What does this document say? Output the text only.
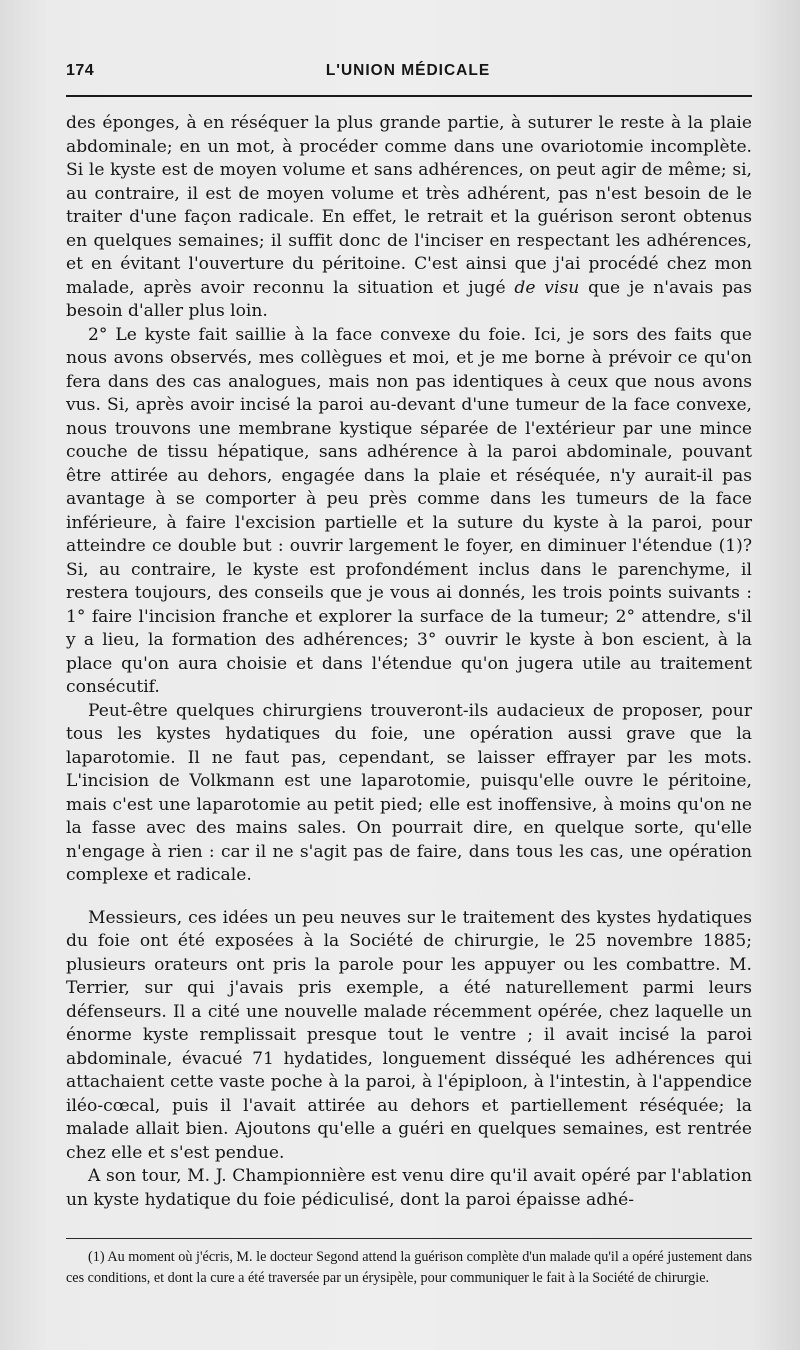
174	L'UNION MÉDICALE

des éponges, à en réséquer la plus grande partie, à suturer le reste à la plaie abdominale; en un mot, à procéder comme dans une ovariotomie incomplète. Si le kyste est de moyen volume et sans adhérences, on peut agir de même; si, au contraire, il est de moyen volume et très adhérent, pas n'est besoin de le traiter d'une façon radicale. En effet, le retrait et la guérison seront obtenus en quelques semaines; il suffit donc de l'inciser en respectant les adhérences, et en évitant l'ouverture du péritoine. C'est ainsi que j'ai procédé chez mon malade, après avoir reconnu la situation et jugé de visu que je n'avais pas besoin d'aller plus loin.

2° Le kyste fait saillie à la face convexe du foie. Ici, je sors des faits que nous avons observés, mes collègues et moi, et je me borne à prévoir ce qu'on fera dans des cas analogues, mais non pas identiques à ceux que nous avons vus. Si, après avoir incisé la paroi au-devant d'une tumeur de la face convexe, nous trouvons une membrane kystique séparée de l'extérieur par une mince couche de tissu hépatique, sans adhérence à la paroi abdominale, pouvant être attirée au dehors, engagée dans la plaie et réséquée, n'y aurait-il pas avantage à se comporter à peu près comme dans les tumeurs de la face inférieure, à faire l'excision partielle et la suture du kyste à la paroi, pour atteindre ce double but : ouvrir largement le foyer, en diminuer l'étendue (1)? Si, au contraire, le kyste est profondément inclus dans le parenchyme, il restera toujours, des conseils que je vous ai donnés, les trois points suivants : 1° faire l'incision franche et explorer la surface de la tumeur; 2° attendre, s'il y a lieu, la formation des adhérences; 3° ouvrir le kyste à bon escient, à la place qu'on aura choisie et dans l'étendue qu'on jugera utile au traitement consécutif.

Peut-être quelques chirurgiens trouveront-ils audacieux de proposer, pour tous les kystes hydatiques du foie, une opération aussi grave que la laparotomie. Il ne faut pas, cependant, se laisser effrayer par les mots. L'incision de Volkmann est une laparotomie, puisqu'elle ouvre le péritoine, mais c'est une laparotomie au petit pied; elle est inoffensive, à moins qu'on ne la fasse avec des mains sales. On pourrait dire, en quelque sorte, qu'elle n'engage à rien : car il ne s'agit pas de faire, dans tous les cas, une opération complexe et radicale.

Messieurs, ces idées un peu neuves sur le traitement des kystes hydatiques du foie ont été exposées à la Société de chirurgie, le 25 novembre 1885; plusieurs orateurs ont pris la parole pour les appuyer ou les combattre. M. Terrier, sur qui j'avais pris exemple, a été naturellement parmi leurs défenseurs. Il a cité une nouvelle malade récemment opérée, chez laquelle un énorme kyste remplissait presque tout le ventre ; il avait incisé la paroi abdominale, évacué 71 hydatides, longuement disséqué les adhérences qui attachaient cette vaste poche à la paroi, à l'épiploon, à l'intestin, à l'appendice iléo-cœcal, puis il l'avait attirée au dehors et partiellement réséquée; la malade allait bien. Ajoutons qu'elle a guéri en quelques semaines, est rentrée chez elle et s'est pendue.

A son tour, M. J. Championnière est venu dire qu'il avait opéré par l'ablation un kyste hydatique du foie pédiculisé, dont la paroi épaisse adhé-

(1) Au moment où j'écris, M. le docteur Segond attend la guérison complète d'un malade qu'il a opéré justement dans ces conditions, et dont la cure a été traversée par un érysipèle, pour communiquer le fait à la Société de chirurgie.
